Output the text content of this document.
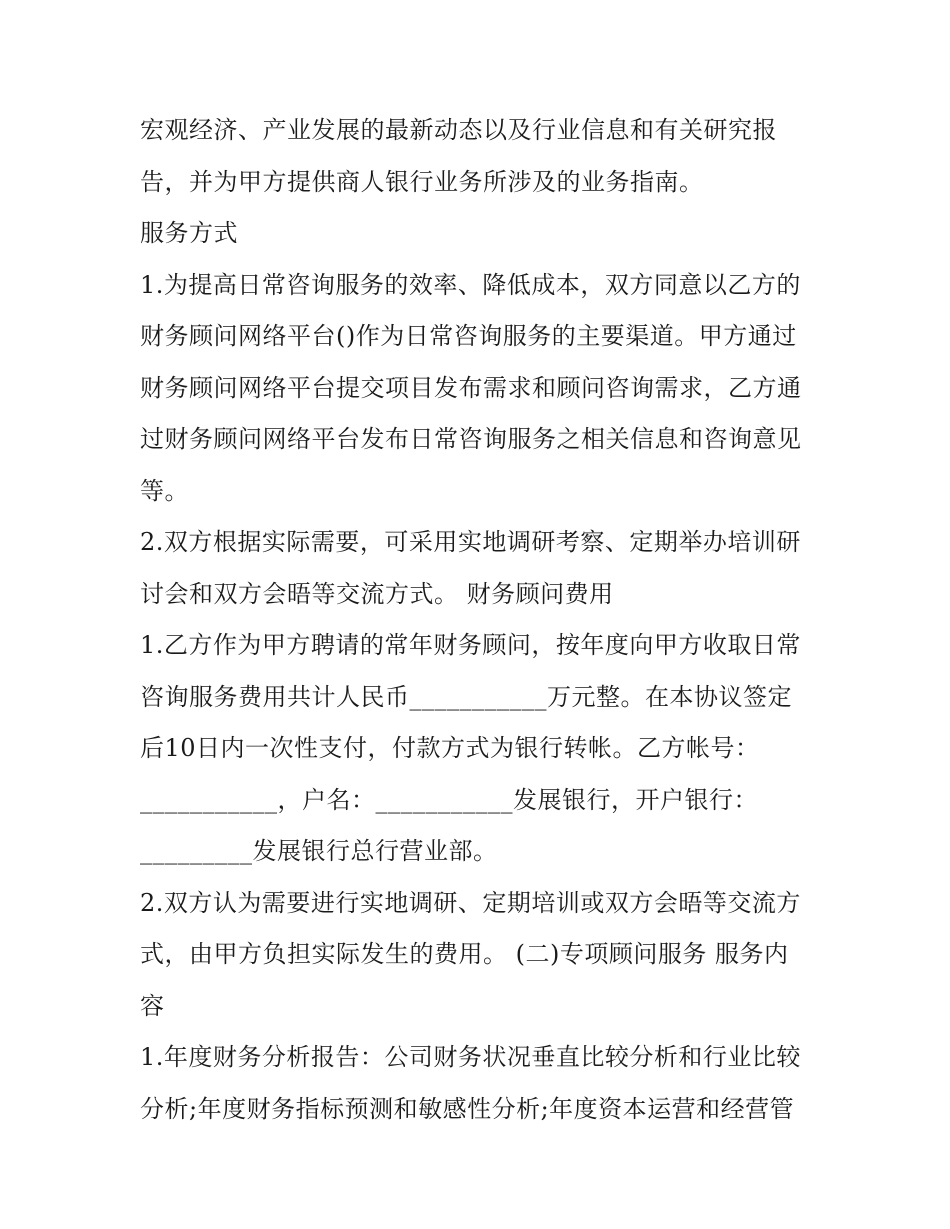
宏观经济、产业发展的最新动态以及行业信息和有关研究报
告，并为甲方提供商人银行业务所涉及的业务指南。
服务方式
1.为提高日常咨询服务的效率、降低成本，双方同意以乙方的
财务顾问网络平台()作为日常咨询服务的主要渠道。甲方通过
财务顾问网络平台提交项目发布需求和顾问咨询需求，乙方通
过财务顾问网络平台发布日常咨询服务之相关信息和咨询意见
等。
2.双方根据实际需要，可采用实地调研考察、定期举办培训研
讨会和双方会晤等交流方式。 财务顾问费用
1.乙方作为甲方聘请的常年财务顾问，按年度向甲方收取日常
咨询服务费用共计人民币___________万元整。在本协议签定
后10日内一次性支付，付款方式为银行转帐。乙方帐号：
___________，户名：___________发展银行，开户银行：
_________发展银行总行营业部。
2.双方认为需要进行实地调研、定期培训或双方会晤等交流方
式，由甲方负担实际发生的费用。 (二)专项顾问服务 服务内
容
1.年度财务分析报告：公司财务状况垂直比较分析和行业比较
分析;年度财务指标预测和敏感性分析;年度资本运营和经营管
